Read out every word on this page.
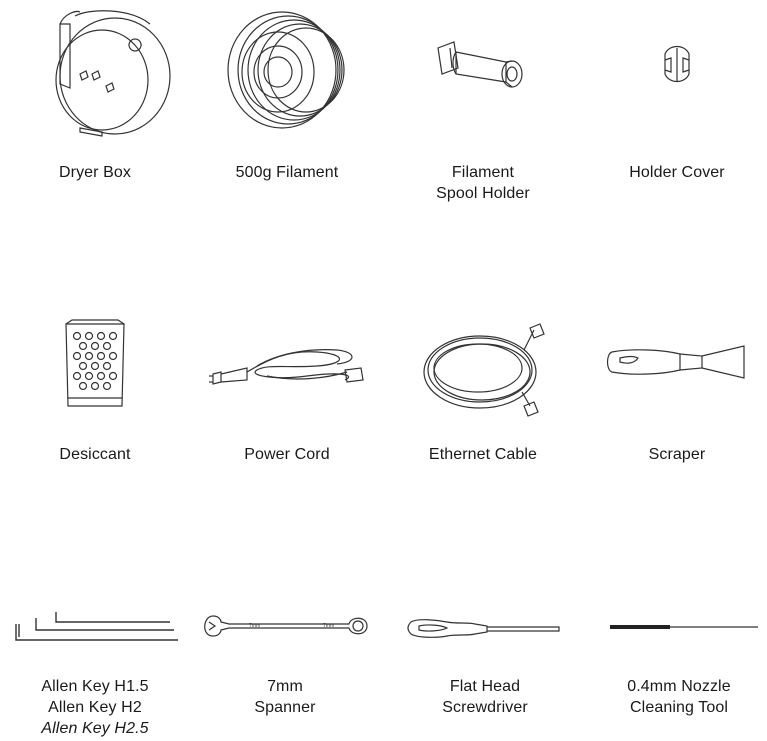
Dryer Box	500g Filament	Filament
Spool Holder
Holder Cover
Desiccant	Power Cord	Ethernet Cable	Scraper
Allen Key H1.5
Allen Key H2
Allen Key H2.5
7mm	7mm
7mm
Spanner
Flat Head
Screwdriver
0.4mm Nozzle
Cleaning Tool
